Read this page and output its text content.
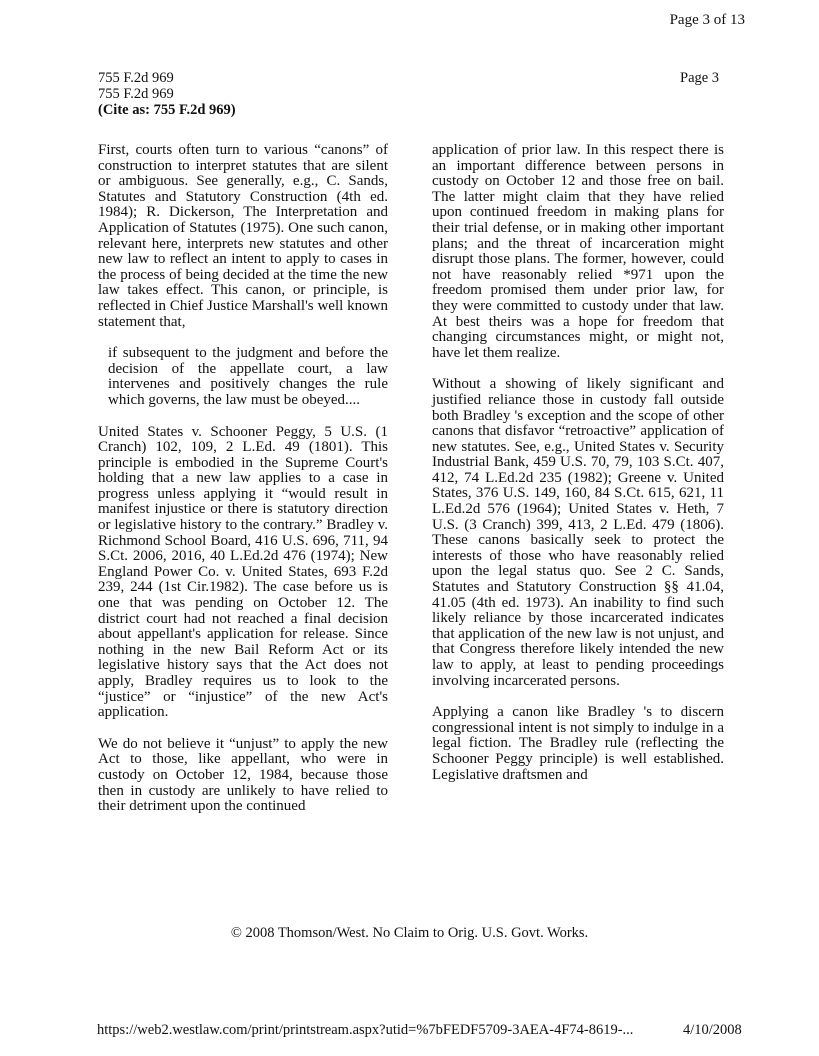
Page 3 of 13
755 F.2d 969
755 F.2d 969
(Cite as: 755 F.2d 969)
Page 3

First, courts often turn to various “canons” of construction to interpret statutes that are silent or ambiguous. See generally, e.g., C. Sands, Statutes and Statutory Construction (4th ed. 1984); R. Dickerson, The Interpretation and Application of Statutes (1975). One such canon, relevant here, interprets new statutes and other new law to reflect an intent to apply to cases in the process of being decided at the time the new law takes effect. This canon, or principle, is reflected in Chief Justice Marshall's well known statement that,

if subsequent to the judgment and before the decision of the appellate court, a law intervenes and positively changes the rule which governs, the law must be obeyed....

United States v. Schooner Peggy, 5 U.S. (1 Cranch) 102, 109, 2 L.Ed. 49 (1801). This principle is embodied in the Supreme Court's holding that a new law applies to a case in progress unless applying it “would result in manifest injustice or there is statutory direction or legislative history to the contrary.” Bradley v. Richmond School Board, 416 U.S. 696, 711, 94 S.Ct. 2006, 2016, 40 L.Ed.2d 476 (1974); New England Power Co. v. United States, 693 F.2d 239, 244 (1st Cir.1982). The case before us is one that was pending on October 12. The district court had not reached a final decision about appellant's application for release. Since nothing in the new Bail Reform Act or its legislative history says that the Act does not apply, Bradley requires us to look to the “justice” or “injustice” of the new Act's application.

We do not believe it “unjust” to apply the new Act to those, like appellant, who were in custody on October 12, 1984, because those then in custody are unlikely to have relied to their detriment upon the continued

application of prior law. In this respect there is an important difference between persons in custody on October 12 and those free on bail. The latter might claim that they have relied upon continued freedom in making plans for their trial defense, or in making other important plans; and the threat of incarceration might disrupt those plans. The former, however, could not have reasonably relied *971 upon the freedom promised them under prior law, for they were committed to custody under that law. At best theirs was a hope for freedom that changing circumstances might, or might not, have let them realize.

Without a showing of likely significant and justified reliance those in custody fall outside both Bradley 's exception and the scope of other canons that disfavor “retroactive” application of new statutes. See, e.g., United States v. Security Industrial Bank, 459 U.S. 70, 79, 103 S.Ct. 407, 412, 74 L.Ed.2d 235 (1982); Greene v. United States, 376 U.S. 149, 160, 84 S.Ct. 615, 621, 11 L.Ed.2d 576 (1964); United States v. Heth, 7 U.S. (3 Cranch) 399, 413, 2 L.Ed. 479 (1806). These canons basically seek to protect the interests of those who have reasonably relied upon the legal status quo. See 2 C. Sands, Statutes and Statutory Construction §§ 41.04, 41.05 (4th ed. 1973). An inability to find such likely reliance by those incarcerated indicates that application of the new law is not unjust, and that Congress therefore likely intended the new law to apply, at least to pending proceedings involving incarcerated persons.

Applying a canon like Bradley 's to discern congressional intent is not simply to indulge in a legal fiction. The Bradley rule (reflecting the Schooner Peggy principle) is well established. Legislative draftsmen and

© 2008 Thomson/West. No Claim to Orig. U.S. Govt. Works.
https://web2.westlaw.com/print/printstream.aspx?utid=%7bFEDF5709-3AEA-4F74-8619-...	4/10/2008
